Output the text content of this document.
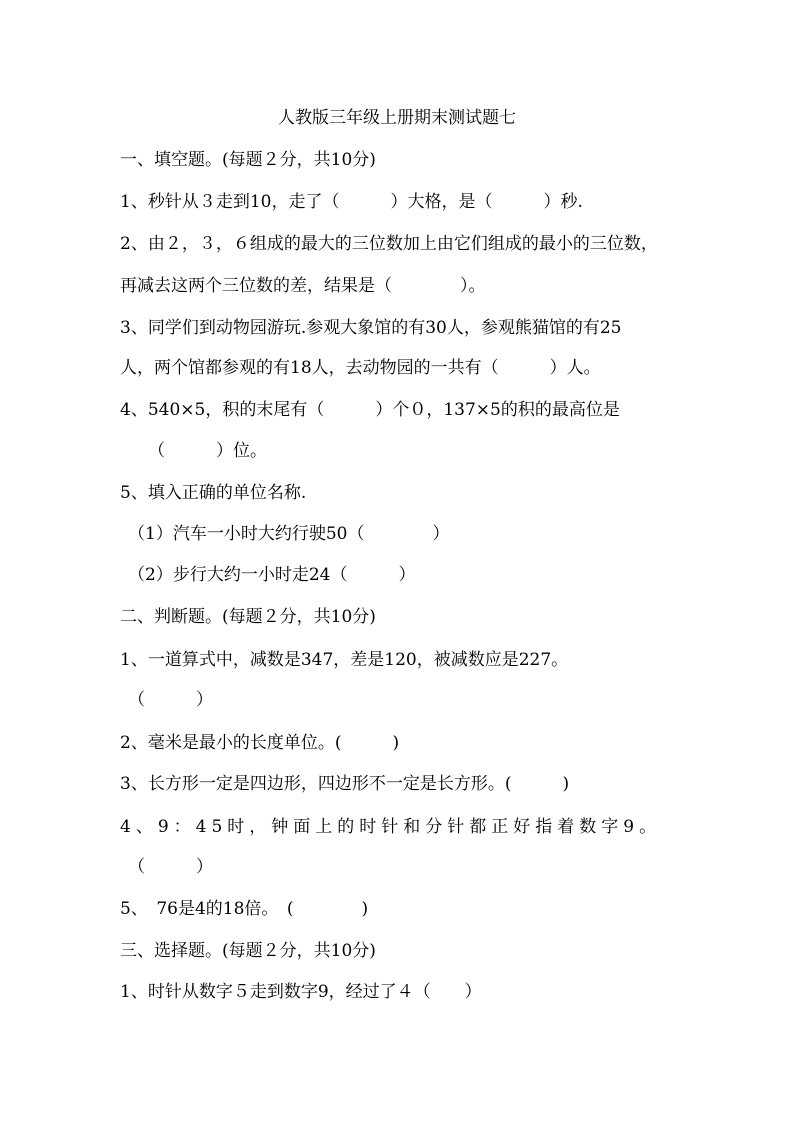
人教版三年级上册期末测试题七
一、填空题。(每题２分，共10分)
1、秒针从３走到10，走了（　　　）大格，是（　　　）秒.
2、由２，３，６组成的最大的三位数加上由它们组成的最小的三位数，
再减去这两个三位数的差，结果是（　　　　）。
3、同学们到动物园游玩.参观大象馆的有30人，参观熊猫馆的有25
人，两个馆都参观的有18人，去动物园的一共有（　　　）人。
4、540×5，积的末尾有（　　　）个０，137×5的积的最高位是
（　　　）位。
5、填入正确的单位名称.
（1）汽车一小时大约行驶50（　　　　）
（2）步行大约一小时走24（　　　）
二、判断题。(每题２分，共10分)
1、一道算式中，减数是347，差是120，被减数应是227。
（　　　）
2、毫米是最小的长度单位。(　　　)
3、长方形一定是四边形，四边形不一定是长方形。(　　　)
4、9：45时，钟面上的时针和分针都正好指着数字9。
（　　　）
5、　76是4的18倍。　(　　　　)
三、选择题。(每题２分，共10分)
1、时针从数字５走到数字9，经过了４（　　）
